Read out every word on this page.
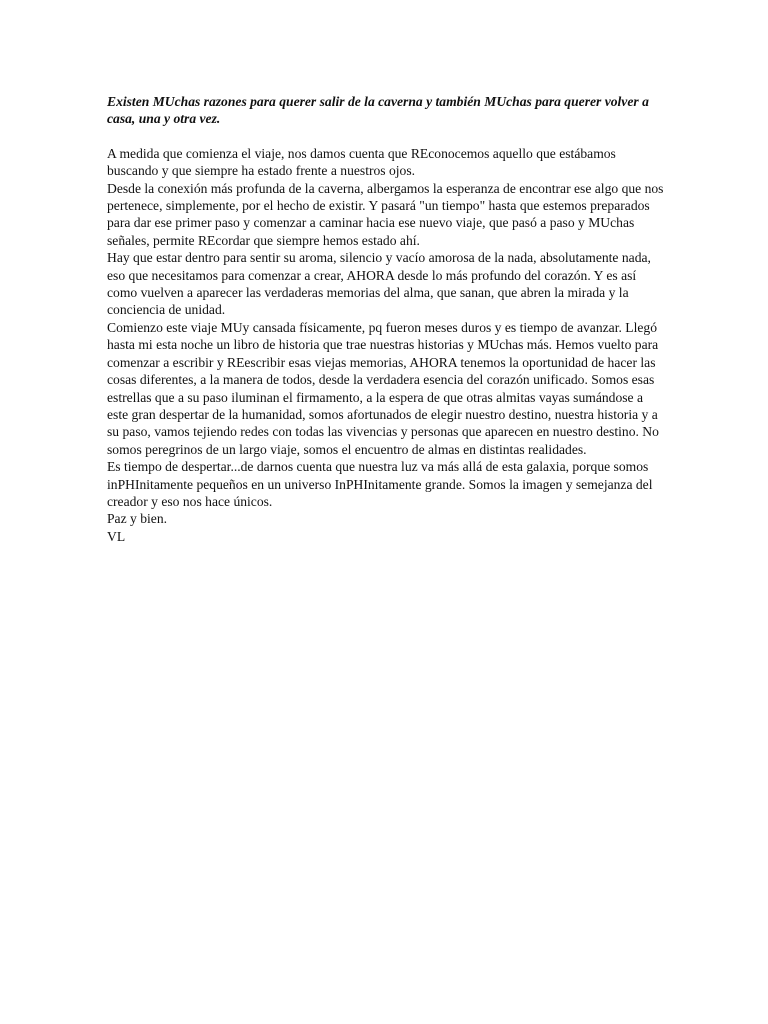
Existen MUchas razones para querer salir de la caverna y también MUchas para querer volver a casa, una y otra vez.

A medida que comienza el viaje, nos damos cuenta que REconocemos aquello que estábamos buscando y que siempre ha estado frente a nuestros ojos.

Desde la conexión más profunda de la caverna, albergamos la esperanza de encontrar ese algo que nos pertenece, simplemente, por el hecho de existir. Y pasará "un tiempo" hasta que estemos preparados para dar ese primer paso y comenzar a caminar hacia ese nuevo viaje, que pasó a paso y MUchas señales, permite REcordar que siempre hemos estado ahí.

Hay que estar dentro para sentir su aroma, silencio y vacío amorosa de la nada, absolutamente nada, eso que necesitamos para comenzar a crear, AHORA desde lo más profundo del corazón. Y es así como vuelven a aparecer las verdaderas memorias del alma, que sanan, que abren la mirada y la conciencia de unidad.

Comienzo este viaje MUy cansada físicamente, pq fueron meses duros y es tiempo de avanzar. Llegó hasta mi esta noche un libro de historia que trae nuestras historias y MUchas más. Hemos vuelto para comenzar a escribir y REescribir esas viejas memorias, AHORA tenemos la oportunidad de hacer las cosas diferentes, a la manera de todos, desde la verdadera esencia del corazón unificado. Somos esas estrellas que a su paso iluminan el firmamento, a la espera de que otras almitas vayas sumándose a este gran despertar de la humanidad, somos afortunados de elegir nuestro destino, nuestra historia y a su paso, vamos tejiendo redes con todas las vivencias y personas que aparecen en nuestro destino. No somos peregrinos de un largo viaje, somos el encuentro de almas en distintas realidades.

Es tiempo de despertar...de darnos cuenta que nuestra luz va más allá de esta galaxia, porque somos inPHInitamente pequeños en un universo InPHInitamente grande. Somos la imagen y semejanza del creador y eso nos hace únicos.

Paz y bien.

VL
